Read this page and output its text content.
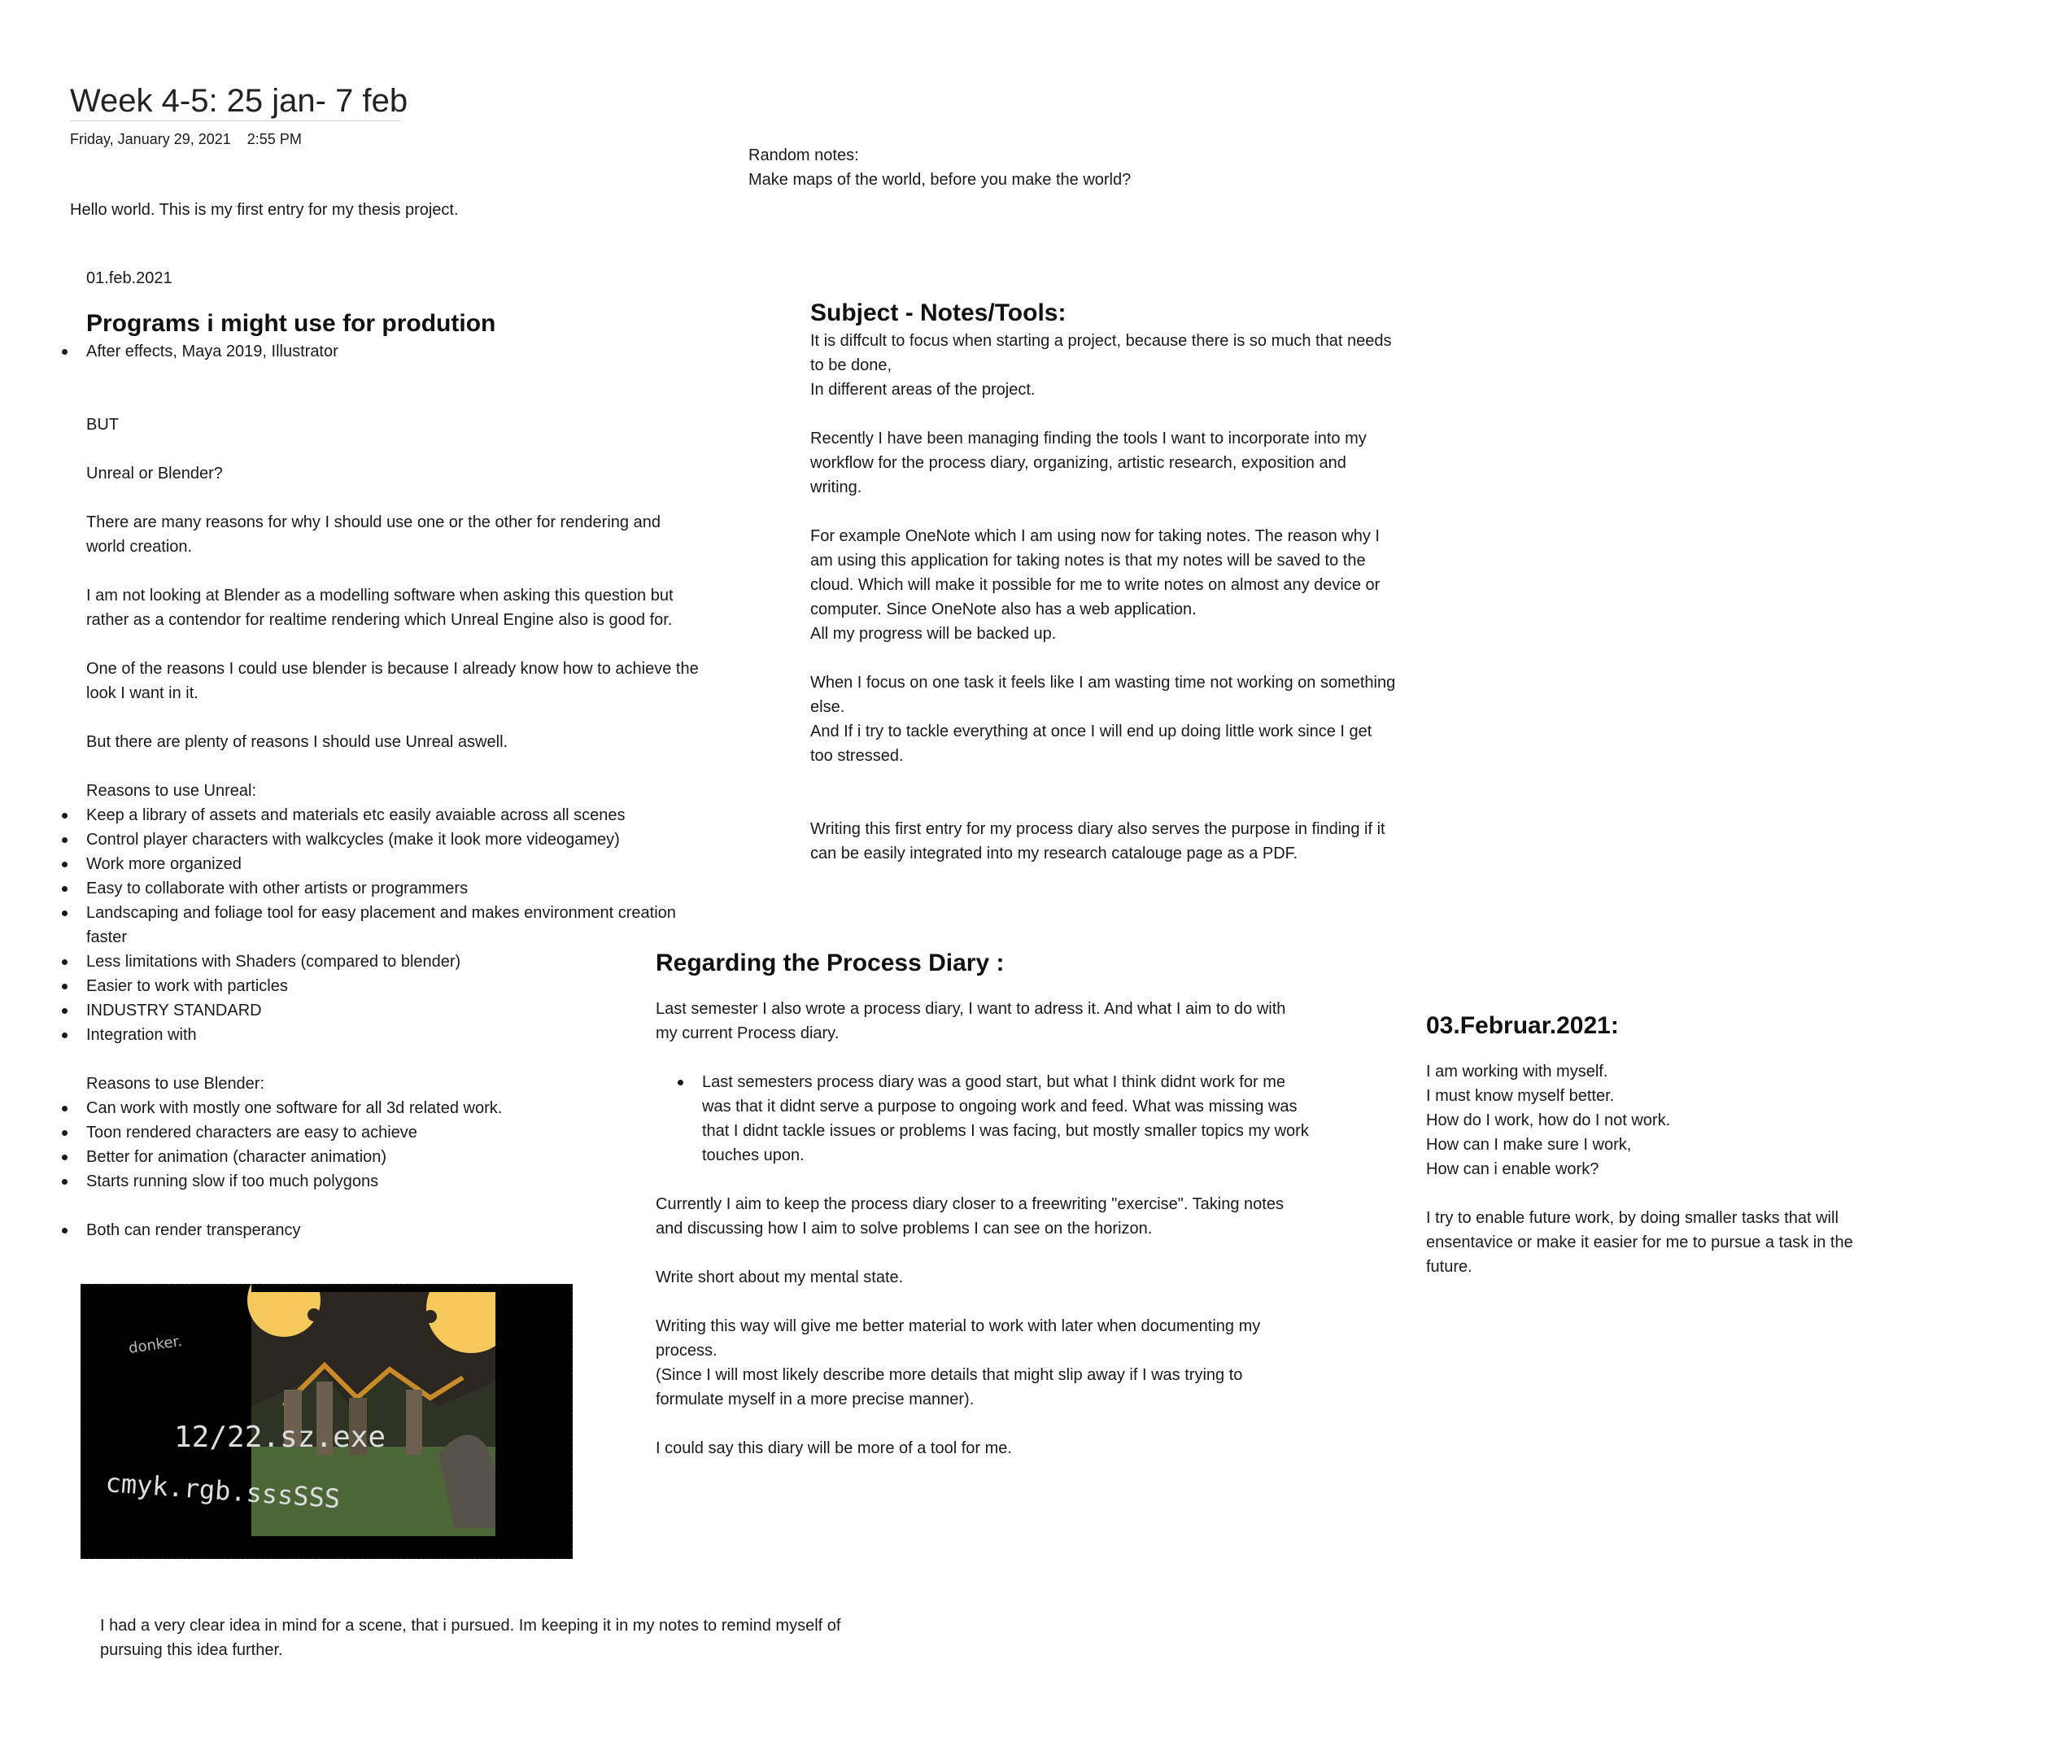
Week 4-5: 25 jan- 7 feb
Friday, January 29, 2021 2:55 PM

Random notes:

Make maps of the world, before you make the world?

Hello world. This is my first entry for my thesis project.

01.feb.2021

Programs i might use for prodution
After effects, Maya 2019, Illustrator

BUT

Unreal or Blender?

There are many reasons for why I should use one or the other for rendering and

world creation.

I am not looking at Blender as a modelling software when asking this question but

rather as a contendor for realtime rendering which Unreal Engine also is good for.

One of the reasons I could use blender is because I already know how to achieve the

look I want in it.

But there are plenty of reasons I should use Unreal aswell.

Reasons to use Unreal:

Keep a library of assets and materials etc easily avaiable across all scenes
Control player characters with walkcycles (make it look more videogamey)
Work more organized
Easy to collaborate with other artists or programmers
Landscaping and foliage tool for easy placement and makes environment creation
faster
Less limitations with Shaders (compared to blender)
Easier to work with particles
INDUSTRY STANDARD
Integration with

Reasons to use Blender:

Can work with mostly one software for all 3d related work.
Toon rendered characters are easy to achieve
Better for animation (character animation)
Starts running slow if too much polygons
Both can render transperancy
donker.
12/22.sz.exe
cmyk.rgb.sssSSS

I had a very clear idea in mind for a scene, that i pursued. Im keeping it in my notes to remind myself of

pursuing this idea further.

Subject - Notes/Tools:

It is diffcult to focus when starting a project, because there is so much that needs

to be done,

In different areas of the project.

Recently I have been managing finding the tools I want to incorporate into my

workflow for the process diary, organizing, artistic research, exposition and

writing.

For example OneNote which I am using now for taking notes. The reason why I

am using this application for taking notes is that my notes will be saved to the

cloud. Which will make it possible for me to write notes on almost any device or

computer. Since OneNote also has a web application.

All my progress will be backed up.

When I focus on one task it feels like I am wasting time not working on something

else.

And If i try to tackle everything at once I will end up doing little work since I get

too stressed.

Writing this first entry for my process diary also serves the purpose in finding if it

can be easily integrated into my research catalouge page as a PDF.

Regarding the Process Diary :

Last semester I also wrote a process diary, I want to adress it. And what I aim to do with

my current Process diary.

Last semesters process diary was a good start, but what I think didnt work for me
was that it didnt serve a purpose to ongoing work and feed. What was missing was
that I didnt tackle issues or problems I was facing, but mostly smaller topics my work
touches upon.

Currently I aim to keep the process diary closer to a freewriting "exercise". Taking notes

and discussing how I aim to solve problems I can see on the horizon.

Write short about my mental state.

Writing this way will give me better material to work with later when documenting my

process.

(Since I will most likely describe more details that might slip away if I was trying to

formulate myself in a more precise manner).

I could say this diary will be more of a tool for me.

03.Februar.2021:

I am working with myself.

I must know myself better.

How do I work, how do I not work.

How can I make sure I work,

How can i enable work?

I try to enable future work, by doing smaller tasks that will

ensentavice or make it easier for me to pursue a task in the

future.
